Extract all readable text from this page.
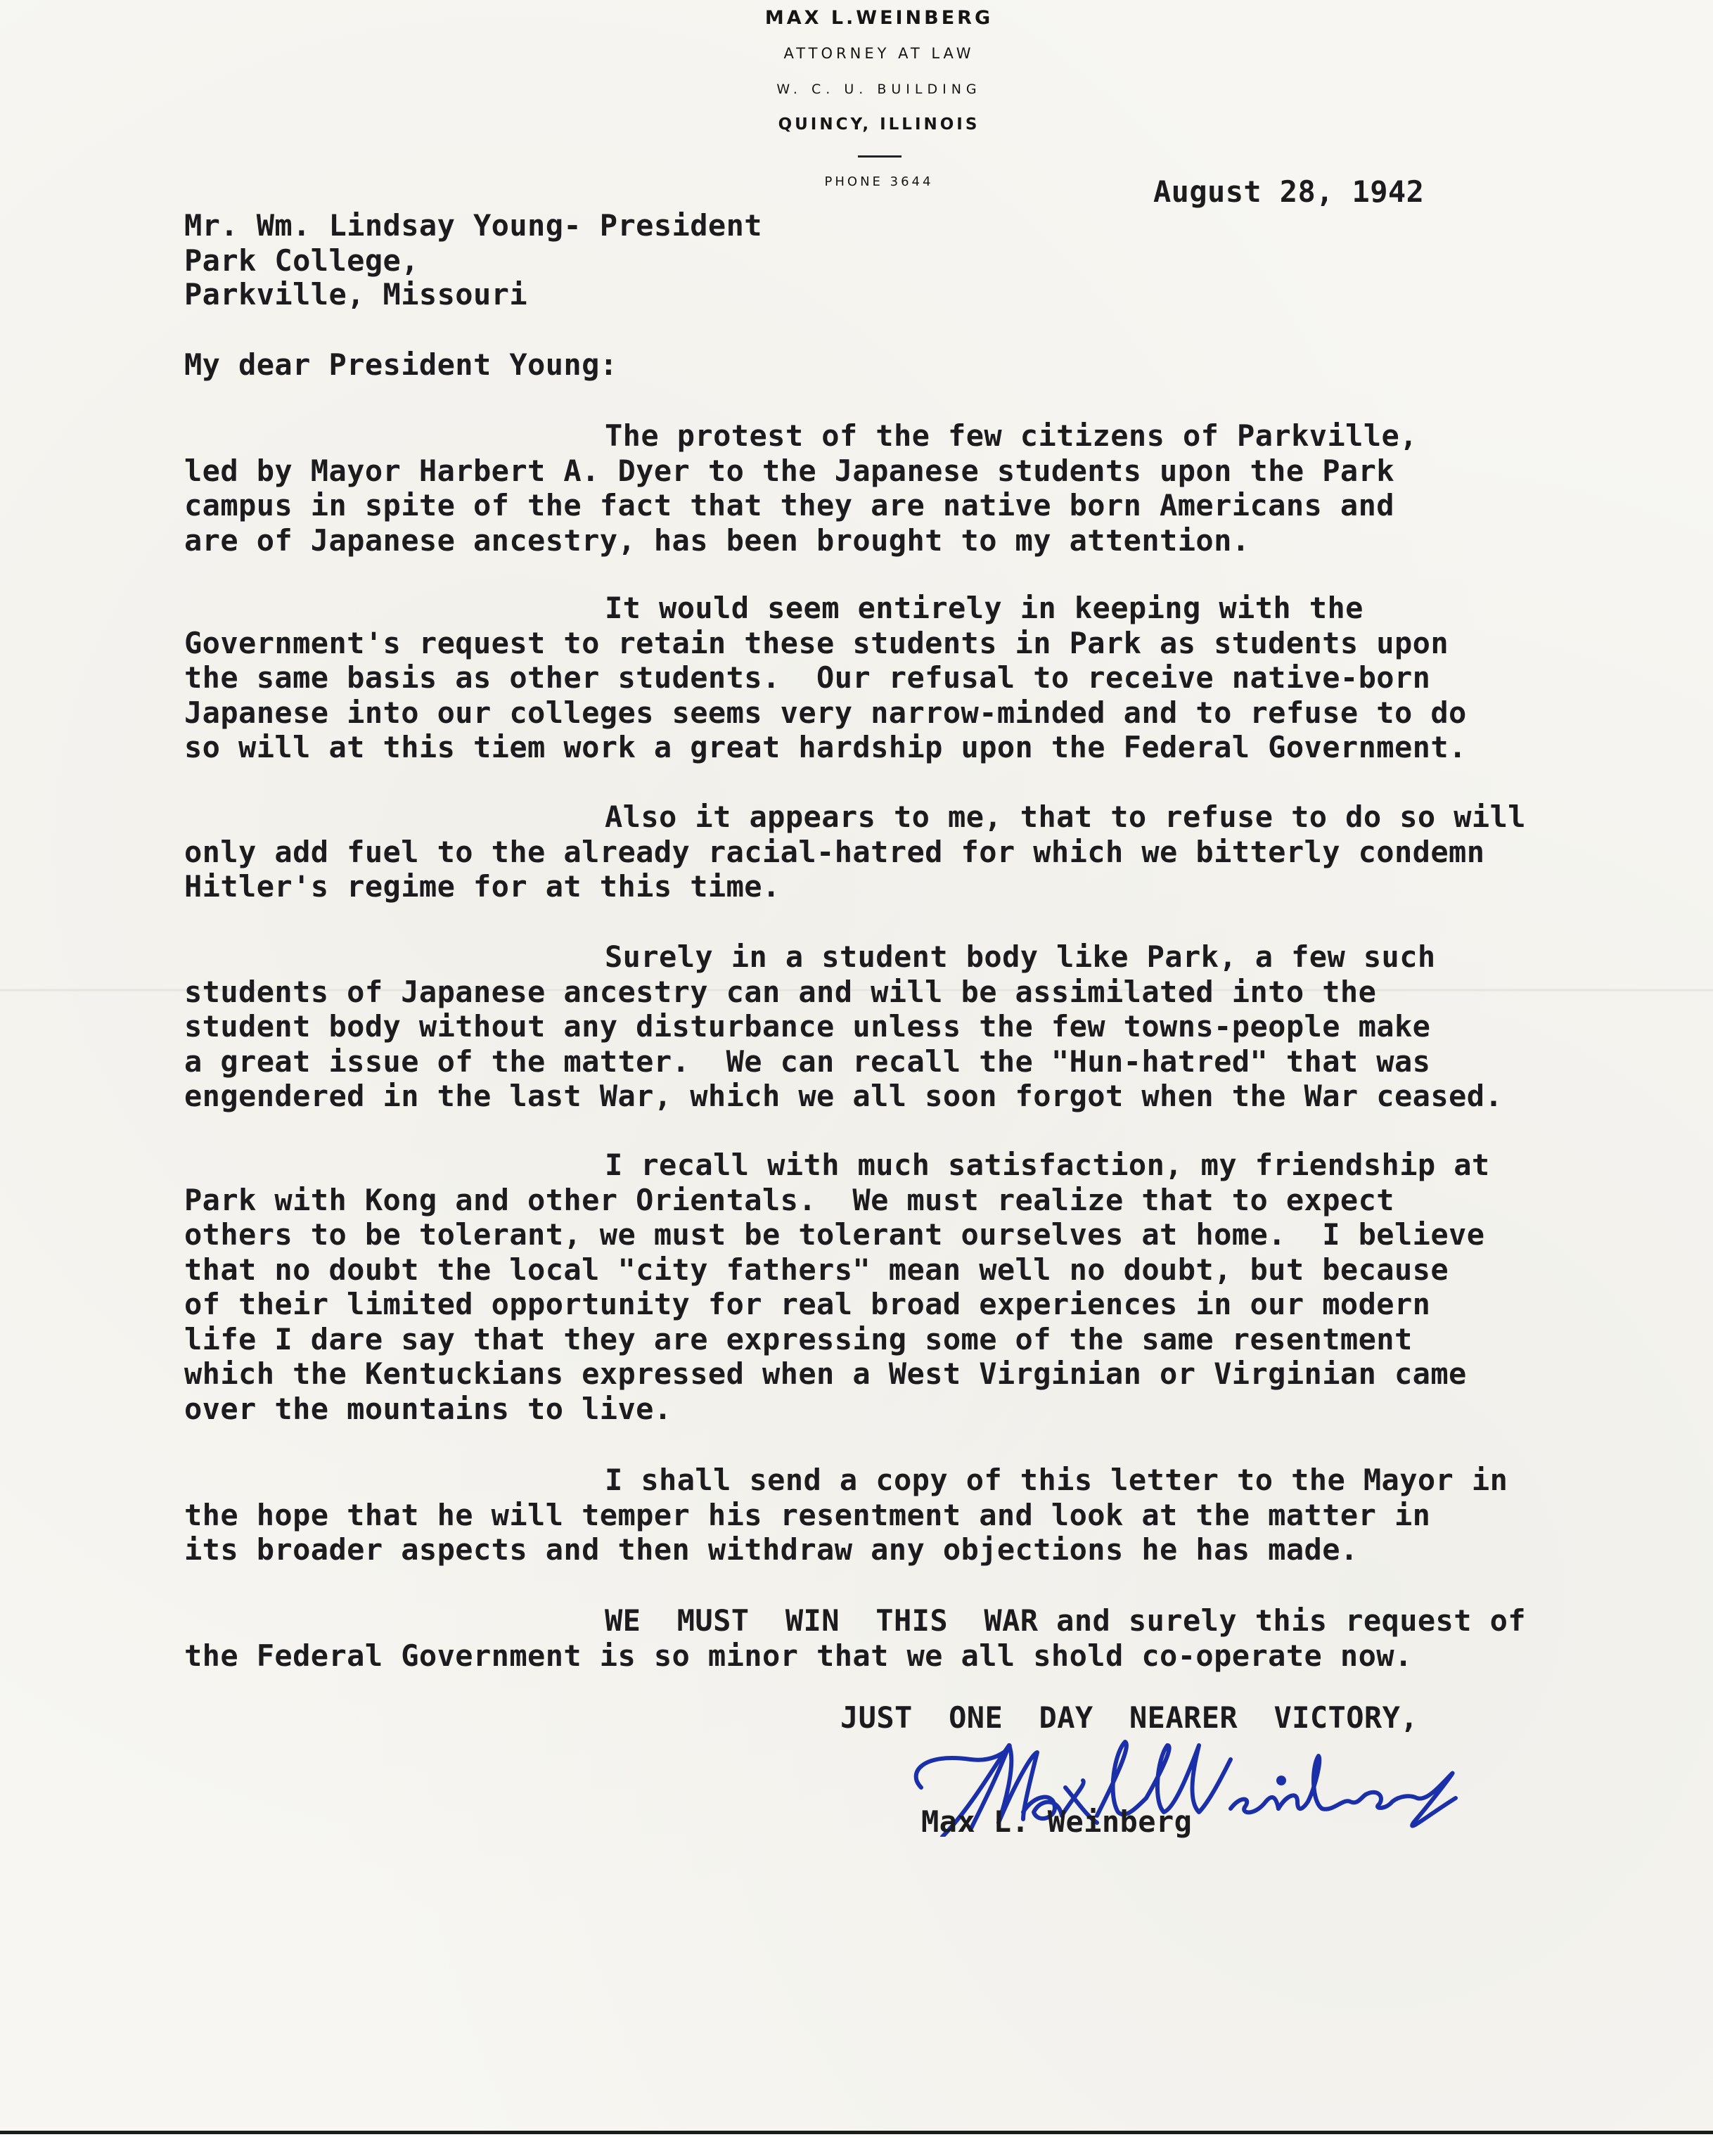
MAX L.WEINBERG
ATTORNEY AT LAW
W. C. U. BUILDING
QUINCY, ILLINOIS
PHONE 3644	August 28, 1942
Mr. Wm. Lindsay Young- President
Park College,
Parkville, Missouri
My dear President Young:
The protest of the few citizens of Parkville,
led by Mayor Harbert A. Dyer to the Japanese students upon the Park
campus in spite of the fact that they are native born Americans and
are of Japanese ancestry, has been brought to my attention.
It would seem entirely in keeping with the
Government's request to retain these students in Park as students upon
the same basis as other students.  Our refusal to receive native-born
Japanese into our colleges seems very narrow-minded and to refuse to do
so will at this tiem work a great hardship upon the Federal Government.
Also it appears to me, that to refuse to do so will
only add fuel to the already racial-hatred for which we bitterly condemn
Hitler's regime for at this time.
Surely in a student body like Park, a few such
students of Japanese ancestry can and will be assimilated into the
student body without any disturbance unless the few towns-people make
a great issue of the matter.  We can recall the "Hun-hatred" that was
engendered in the last War, which we all soon forgot when the War ceased.
I recall with much satisfaction, my friendship at
Park with Kong and other Orientals.  We must realize that to expect
others to be tolerant, we must be tolerant ourselves at home.  I believe
that no doubt the local "city fathers" mean well no doubt, but because
of their limited opportunity for real broad experiences in our modern
life I dare say that they are expressing some of the same resentment
which the Kentuckians expressed when a West Virginian or Virginian came
over the mountains to live.
I shall send a copy of this letter to the Mayor in
the hope that he will temper his resentment and look at the matter in
its broader aspects and then withdraw any objections he has made.
WE  MUST  WIN  THIS  WAR and surely this request of
the Federal Government is so minor that we all shold co-operate now.
JUST  ONE  DAY  NEARER  VICTORY,
Max L. Weinberg
